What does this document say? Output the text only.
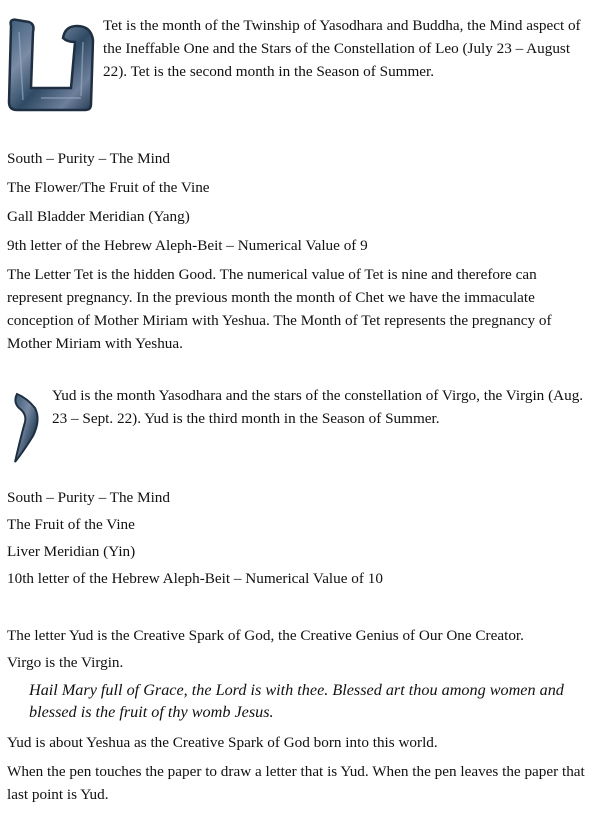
Tet is the month of the Twinship of Yasodhara and Buddha, the Mind aspect of the Ineffable One and the Stars of the Constellation of Leo (July 23 – August 22). Tet is the second month in the Season of Summer.

South – Purity – The Mind

The Flower/The Fruit of the Vine

Gall Bladder Meridian (Yang)

9th letter of the Hebrew Aleph-Beit – Numerical Value of 9

The Letter Tet is the hidden Good. The numerical value of Tet is nine and therefore can represent pregnancy. In the previous month the month of Chet we have the immaculate conception of Mother Miriam with Yeshua. The Month of Tet represents the pregnancy of Mother Miriam with Yeshua.

Yud is the month Yasodhara and the stars of the constellation of Virgo, the Virgin (Aug. 23 – Sept. 22). Yud is the third month in the Season of Summer.

South – Purity – The Mind

The Fruit of the Vine

Liver Meridian (Yin)

10th letter of the Hebrew Aleph-Beit – Numerical Value of 10

The letter Yud is the Creative Spark of God, the Creative Genius of Our One Creator.

Virgo is the Virgin.

Hail Mary full of Grace, the Lord is with thee. Blessed art thou among women and blessed is the fruit of thy womb Jesus.

Yud is about Yeshua as the Creative Spark of God born into this world.

When the pen touches the paper to draw a letter that is Yud. When the pen leaves the paper that last point is Yud.
